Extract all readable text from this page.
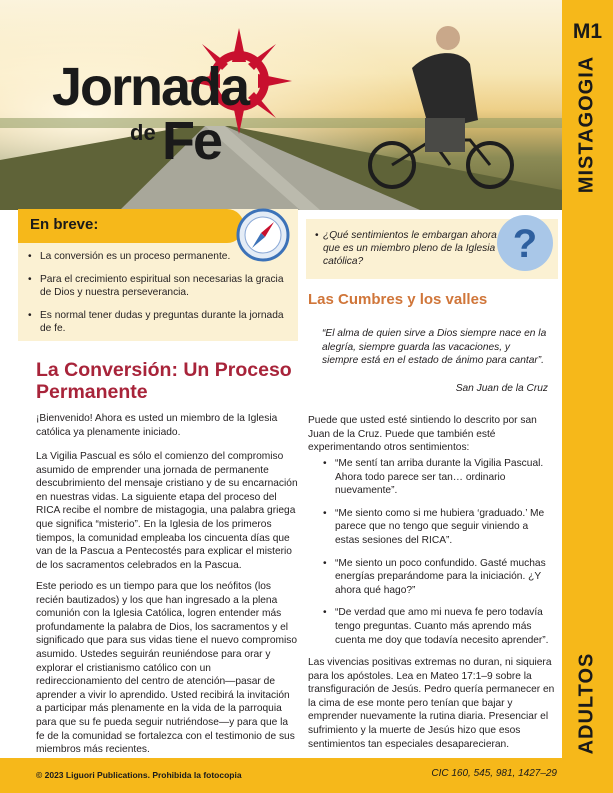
Jornada
de Fe
M1
MISTAGOGIA
ADULTOS
En breve:
• La conversión es un proceso permanente.
• Para el crecimiento espiritual son necesarias la gracia de Dios y nuestra perseverancia.
• Es normal tener dudas y preguntas durante la jornada de fe.
• ¿Qué sentimientos le embargan ahora que es un miembro pleno de la Iglesia católica?	?
Las Cumbres y los valles
“El alma de quien sirve a Dios siempre nace en la alegría, siempre guarda las vacaciones, y siempre está en el estado de ánimo para cantar”.
San Juan de la Cruz
Puede que usted esté sintiendo lo descrito por san Juan de la Cruz. Puede que también esté experimentando otros sentimientos:
• “Me sentí tan arriba durante la Vigilia Pascual. Ahora todo parece ser tan… ordinario nuevamente”.
• “Me siento como si me hubiera ‘graduado.’ Me parece que no tengo que seguir viniendo a estas sesiones del RICA”.
• “Me siento un poco confundido. Gasté muchas energías preparándome para la iniciación. ¿Y ahora qué hago?”
• “De verdad que amo mi nueva fe pero todavía tengo preguntas. Cuanto más aprendo más cuenta me doy que todavía necesito aprender”.
Las vivencias positivas extremas no duran, ni siquiera para los apóstoles. Lea en Mateo 17:1–9 sobre la transfiguración de Jesús. Pedro quería permanecer en la cima de ese monte pero tenían que bajar y emprender nuevamente la rutina diaria. Presenciar el sufrimiento y la muerte de Jesús hizo que esos sentimientos tan especiales desaparecieran.
La Conversión: Un Proceso Permanente
¡Bienvenido! Ahora es usted un miembro de la Iglesia católica ya plenamente iniciado.
La Vigilia Pascual es sólo el comienzo del compromiso asumido de emprender una jornada de permanente descubrimiento del mensaje cristiano y de su encarnación en nuestras vidas. La siguiente etapa del proceso del RICA recibe el nombre de mistagogia, una palabra griega que significa “misterio”. En la Iglesia de los primeros tiempos, la comunidad empleaba los cincuenta días que van de la Pascua a Pentecostés para explicar el misterio de los sacramentos celebrados en la Pascua.
Este periodo es un tiempo para que los neófitos (los recién bautizados) y los que han ingresado a la plena comunión con la Iglesia Católica, logren entender más profundamente la palabra de Dios, los sacramentos y el significado que para sus vidas tiene el nuevo compromiso asumido. Ustedes seguirán reuniéndose para orar y explorar el cristianismo católico con un redireccionamiento del centro de atención—pasar de aprender a vivir lo aprendido. Usted recibirá la invitación a participar más plenamente en la vida de la parroquia para que su fe pueda seguir nutriéndose—y para que la fe de la comunidad se fortalezca con el testimonio de sus miembros más recientes.
© 2023 Liguori Publications. Prohibida la fotocopia	CIC 160, 545, 981, 1427–29
